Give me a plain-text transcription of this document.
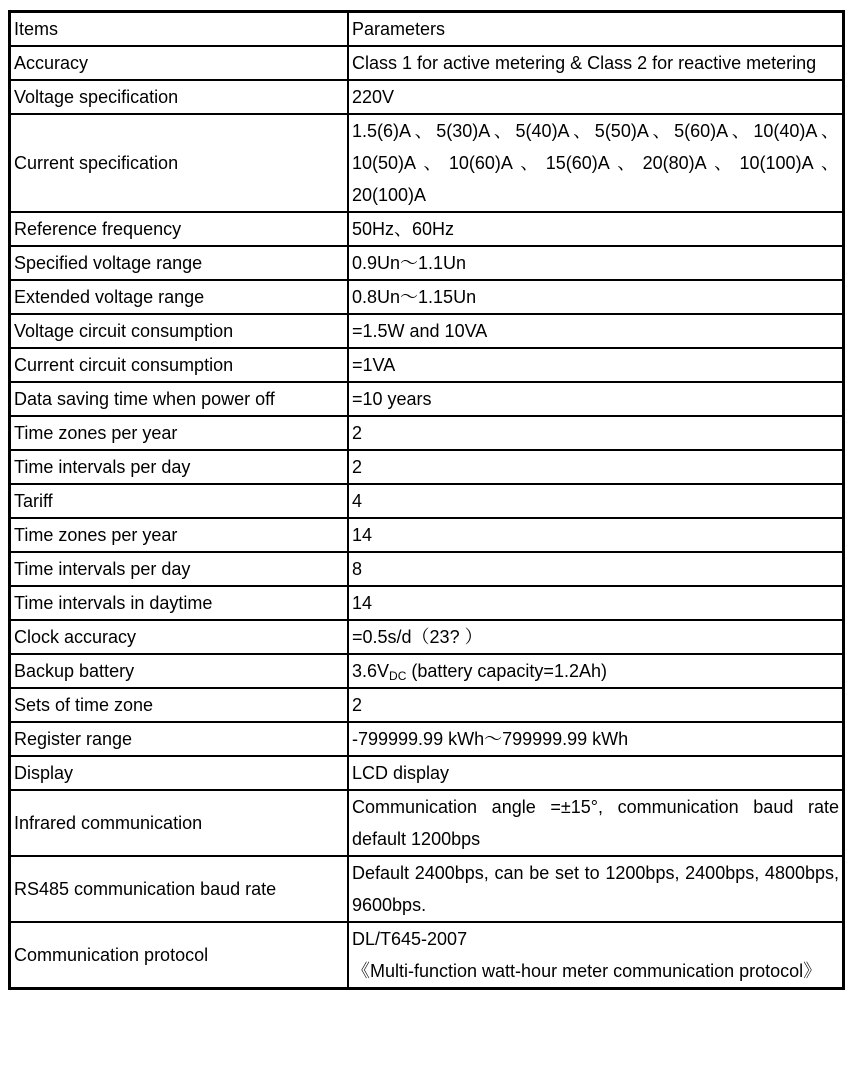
Items	Parameters
Accuracy	Class 1 for active metering & Class 2 for reactive metering
Voltage specification	220V
Current specification	1.5(6)A、5(30)A、5(40)A、5(50)A、5(60)A、10(40)A、10(50)A、10(60)A、15(60)A、20(80)A、10(100)A、20(100)A
Reference frequency	50Hz、60Hz
Specified voltage range	0.9Un～1.1Un
Extended voltage range	0.8Un～1.15Un
Voltage circuit consumption	=1.5W and 10VA
Current circuit consumption	=1VA
Data saving time when power off	=10 years
Time zones per year	2
Time intervals per day	2
Tariff	4
Time zones per year	14
Time intervals per day	8
Time intervals in daytime	14
Clock accuracy	=0.5s/d（23? ）
Backup battery	$3.6V_{DC}$ (battery capacity=1.2Ah)
Sets of time zone	2
Register range	-799999.99 kWh～799999.99 kWh
Display	LCD display
Infrared communication	Communication angle =±15°, communication baud rate default 1200bps
RS485 communication baud rate	Default 2400bps, can be set to 1200bps, 2400bps, 4800bps, 9600bps.
Communication protocol	DL/T645-2007
《Multi-function watt-hour meter communication protocol》
